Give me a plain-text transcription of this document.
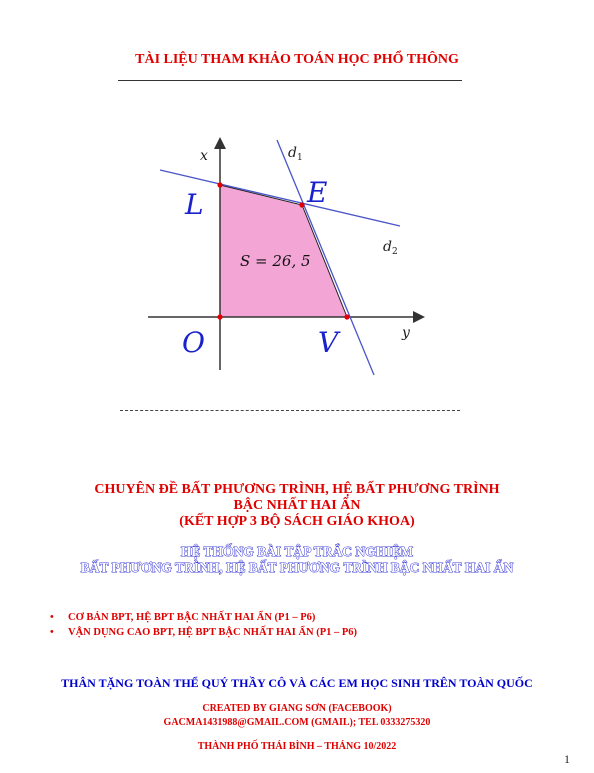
TÀI LIỆU THAM KHẢO TOÁN HỌC PHỔ THÔNG
x
y
$d_1$
$d_2$
L	E
O	V
S = 26, 5
CHUYÊN ĐỀ BẤT PHƯƠNG TRÌNH, HỆ BẤT PHƯƠNG TRÌNH
BẬC NHẤT HAI ẨN
(KẾT HỢP 3 BỘ SÁCH GIÁO KHOA)
HỆ THỐNG BÀI TẬP TRẮC NGHIỆM
BẤT PHƯƠNG TRÌNH, HỆ BẤT PHƯƠNG TRÌNH BẬC NHẤT HAI ẨN
• CƠ BẢN BPT, HỆ BPT BẬC NHẤT HAI ẨN (P1 – P6)
• VẬN DỤNG CAO BPT, HỆ BPT BẬC NHẤT HAI ẨN (P1 – P6)
THÂN TẶNG TOÀN THỂ QUÝ THẦY CÔ VÀ CÁC EM HỌC SINH TRÊN TOÀN QUỐC
CREATED BY GIANG SƠN (FACEBOOK)
GACMA1431988@GMAIL.COM (GMAIL); TEL 0333275320
THÀNH PHỐ THÁI BÌNH – THÁNG 10/2022
1
